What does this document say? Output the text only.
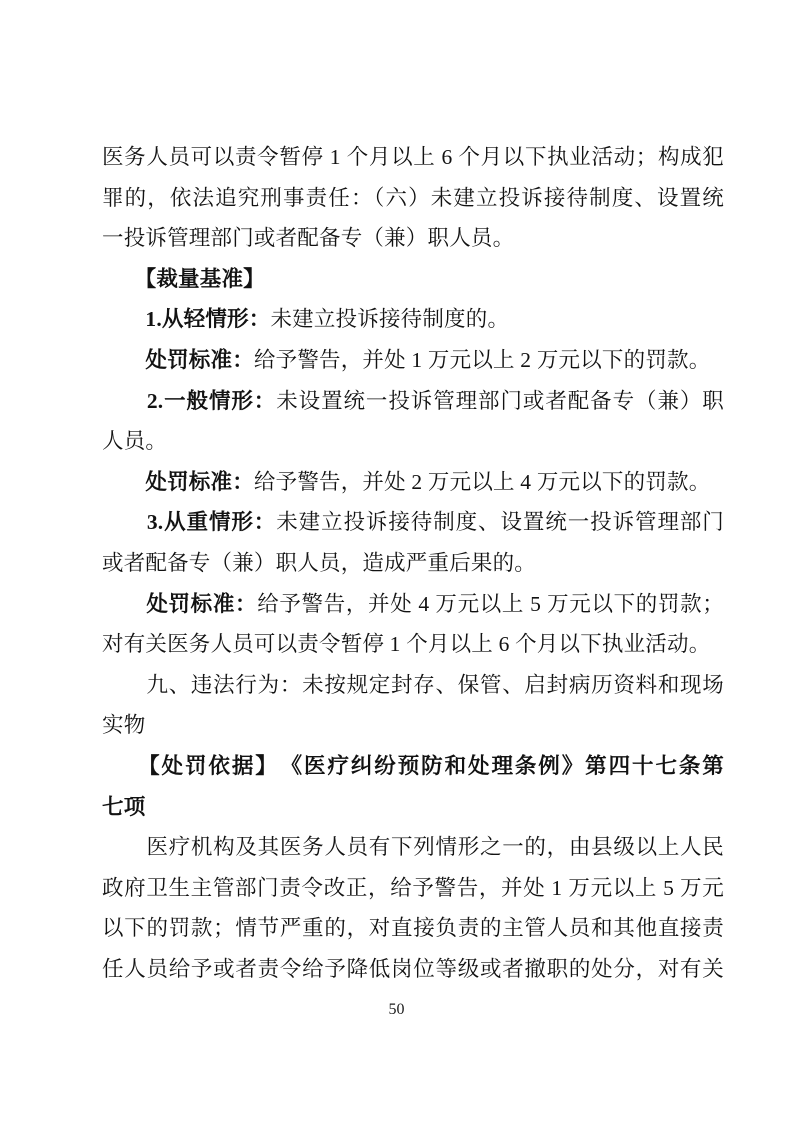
医务人员可以责令暂停 1 个月以上 6 个月以下执业活动；构成犯
罪的，依法追究刑事责任：（六）未建立投诉接待制度、设置统
一投诉管理部门或者配备专（兼）职人员。
　　【裁量基准】
　　1.从轻情形：未建立投诉接待制度的。
　　处罚标准：给予警告，并处 1 万元以上 2 万元以下的罚款。
　　2.一般情形：未设置统一投诉管理部门或者配备专（兼）职
人员。
　　处罚标准：给予警告，并处 2 万元以上 4 万元以下的罚款。
　　3.从重情形：未建立投诉接待制度、设置统一投诉管理部门
或者配备专（兼）职人员，造成严重后果的。
　　处罚标准：给予警告，并处 4 万元以上 5 万元以下的罚款；
对有关医务人员可以责令暂停 1 个月以上 6 个月以下执业活动。
　　九、违法行为：未按规定封存、保管、启封病历资料和现场
实物
　　【处罚依据】　《医疗纠纷预防和处理条例》第四十七条第
七项
　　医疗机构及其医务人员有下列情形之一的，由县级以上人民
政府卫生主管部门责令改正，给予警告，并处 1 万元以上 5 万元
以下的罚款；情节严重的，对直接负责的主管人员和其他直接责
任人员给予或者责令给予降低岗位等级或者撤职的处分，对有关
50
